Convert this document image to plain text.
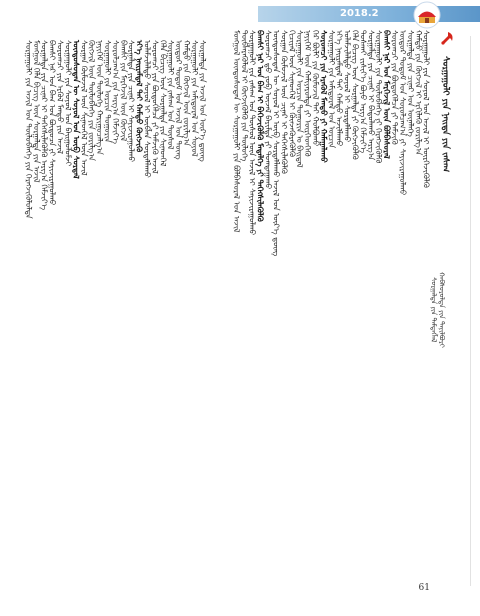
2018.2
ᠰᠤᠷᠭᠠᠭᠤᠯᠢ ᠶᠢᠨ ᠨᠡᠢᠲᠡ ᠶᠢᠨ ᠵᠠᠰᠠᠭ
ᠮᠣᠩᠭᠣᠯ ᠦᠨᠳᠦᠰᠦᠲᠡᠨ ᠦ ᠰᠤᠷᠭᠠᠭᠤᠯᠢ ᠶᠢᠨ ᠪᠣᠯᠪᠠᠰᠤᠷᠠᠯ ᠤᠨ ᠠᠵᠢᠯ
ᠲᠦᠪᠯᠡᠷᠡᠭᠦᠯᠦᠯ ᠢ ᠬᠥᠭᠵᠢᠭᠦᠯᠬᠦ ᠶᠢᠨ ᠲᠥᠯᠥᠭᠡ
ᠰᠤᠷᠭᠠᠭᠤᠯᠢ ᠶᠢᠨ ᠵᠠᠰᠠᠭ ᠤᠨ ᠲᠥᠰᠥᠯ ᠦᠨ ᠠᠵᠢᠯ ᠢ ᠰᠠᠶᠢᠵᠢᠷᠠᠭᠤᠯᠬᠤ
ᠪᠠᠭᠰᠢ ᠨᠠᠷ ᠤᠨ ᠪᠠᠭ ᠢ ᠪᠡᠬᠡᠵᠢᠭᠦᠯᠬᠦ ᠮᠡᠳᠡᠯᠭᠡ ᠶᠢ ᠳᠡᠭᠡᠭᠰᠢᠯᠡᠭᠦᠯᠬᠦ
ᠰᠤᠷᠤᠭᠴᠢ ᠳ᠋ᠤ ᠵᠣᠪ ᠦᠵᠡᠯ ᠪᠠᠷᠢᠮᠲᠠ ᠶᠢ ᠲᠣᠭᠲᠠᠭᠠᠬᠤ
ᠦᠨᠳᠦᠰᠦᠲᠡᠨ ᠦ ᠰᠣᠶᠣᠯ ᠢ ᠥᠪ ᠰᠤᠷᠲᠠᠯᠯᠠᠬᠤ ᠠᠵᠢᠯ ᠤᠨ ᠦᠷ᠎ᠡ ᠳ᠋ᠦᠩ
ᠰᠤᠷᠭᠠᠨ ᠬᠦᠮᠦᠵᠢᠯ ᠦᠨ ᠴᠢᠨᠠᠷ ᠢ ᠳᠡᠭᠡᠭᠰᠢᠯᠡᠭᠦᠯᠬᠦ
ᠬᠢᠴᠢᠶᠡᠯ ᠦᠨ ᠰᠢᠨᠡᠳᠬᠡᠯ ᠢ ᠭᠦᠨᠵᠡᠭᠦᠷᠡᠭᠦᠯᠬᠦ
ᠰᠤᠷᠭᠠᠭᠤᠯᠢ ᠶᠢᠨ ᠣᠷᠴᠢᠨ ᠲᠣᠭᠣᠷᠢᠨ ᠤ ᠪᠠᠢᠳᠠᠯ
ᠨᠡᠶᠢᠭᠡᠮ ᠦᠨ ᠬᠠᠮᠢᠶᠠᠷᠤᠯᠲᠠ ᠶᠢ ᠥᠷᠭᠡᠳᠬᠡᠬᠦ
ᠭᠡᠷ ᠪᠦᠯᠢ ᠶᠢᠨ ᠬᠦᠮᠦᠵᠢᠯ ᠲᠡᠢ ᠬᠣᠯᠪᠣᠬᠤ
ᠰᠤᠷᠤᠭᠴᠢ ᠶᠢᠨ ᠡᠷᠡᠭᠦᠯ ᠮᠡᠨᠳᠦ ᠶᠢ ᠬᠠᠮᠠᠭᠠᠯᠠᠬᠤ
ᠰᠤᠷᠭᠠᠭᠤᠯᠢ ᠶᠢᠨ ᠠᠮᠢᠳᠤᠷᠠᠯ ᠤᠨ ᠣᠷᠴᠢᠨ
ᠡᠶ᠎ᠡ ᠨᠠᠢᠷᠠᠮᠳᠠᠯ ᠲᠠᠢ ᠬᠠᠮᠲᠤ ᠠᠵᠢᠯᠯᠠᠬᠤ
ᠤᠯᠠᠮᠵᠢᠯᠠᠯᠲᠤ ᠰᠤᠶᠤᠯ ᠢ ᠰᠤᠷᠲᠠᠯᠯᠠᠬᠤ
ᠬᠡᠯᠡ ᠪᠢᠴᠢᠭ ᠦᠨ ᠰᠤᠷᠭᠠᠯᠲᠠ ᠶᠢ ᠬᠥᠭᠵᠢᠭᠦᠯᠬᠦ
ᠲᠤᠰᠬᠠᠢ ᠵᠢᠱᠢᠶ᠎ᠡ ᠪᠤᠶᠤ ᠠᠷᠭ᠎ᠠ ᠬᠡᠮᠵᠢᠶ᠎ᠡ
ᠰᠤᠷᠭᠠᠯᠲᠠ ᠶᠢᠨ ᠴᠢᠨᠠᠷ ᠢ ᠪᠠᠲᠤᠯᠠᠬᠤ ᠠᠷᠭ᠎ᠠ
ᠰᠤᠷᠭᠠᠭᠤᠯᠢ ᠶᠢᠨ ᠲᠥᠯᠥᠪᠯᠡᠭᠡ ᠶᠢ ᠬᠡᠷᠡᠭᠵᠢᠭᠦᠯᠬᠦ
ᠪᠠᠭᠰᠢ ᠨᠠᠷ ᠤᠨ ᠮᠡᠷᠭᠡᠵᠢᠯ ᠦᠨ ᠪᠣᠯᠪᠠᠰᠤᠷᠠᠯ
ᠰᠤᠷᠤᠭᠴᠢ ᠶᠢᠨ ᠪᠦᠲᠦᠭᠡᠯᠴᠡ ᠶᠢ ᠳᠡᠮᠵᠢᠬᠦ
ᠥᠳᠥᠷ ᠲᠤᠲᠤᠮ ᠤᠨ ᠰᠤᠷᠤᠯᠴᠠᠭ᠎ᠠ ᠶᠢ ᠰᠠᠶᠢᠵᠢᠷᠠᠭᠤᠯᠬᠤ
ᠰᠤᠷᠭᠠᠯᠲᠠ ᠶᠢᠨ ᠴᠢᠨᠠᠷ ᠤᠨ ᠦᠨᠡᠯᠡᠭᠡ
ᠬᠠᠮᠲᠤ ᠶᠢᠨ ᠬᠥᠭᠵᠢᠯ ᠢ ᠡᠷᠬᠢᠯᠡᠬᠦ ᠵᠣᠷᠢᠯᠭ᠎ᠠ
ᠰᠤᠷᠭᠠᠭᠤᠯᠢ ᠶᠢᠨ ᠰᠣᠶᠣᠯ ᠤᠨ ᠠᠵᠢᠯ ᠢ ᠥᠷᠭᠡᠵᠢᠭᠦᠯᠬᠦ
ᠰᠤᠷᠭᠠᠯᠲᠠ ᠶᠢᠨ ᠲᠡᠮᠳᠡᠭᠯᠡᠯ
ᠬᠠᠪᠰᠤᠷᠤᠯᠲᠠ ᠶᠢᠨ ᠲᠠᠶᠢᠯᠪᠤᠷᠢ
ᠰᠤᠷᠭᠠᠭᠤᠯᠢ ᠶᠢᠨ ᠠᠵᠢᠯ ᠤᠨ ᠲᠥᠯᠥᠪᠯᠡᠭᠡ ᠶᠢᠨ ᠬᠡᠷᠡᠭᠵᠢᠭᠦᠯᠦᠯᠲᠡ
ᠮᠣᠩᠭᠣᠯ ᠬᠡᠯᠡ ᠪᠢᠴᠢᠭ ᠦᠨ ᠰᠤᠷᠭᠠᠯᠲᠠ ᠶᠢᠨ ᠠᠵᠢᠯ
ᠰᠤᠷᠭᠠᠯᠲᠠ ᠶᠢᠨ ᠴᠢᠨᠠᠷ ᠢ ᠳᠡᠭᠡᠭᠰᠢᠯᠡᠭᠦᠯᠬᠦ ᠠᠷᠭ᠎ᠠ ᠬᠡᠮᠵᠢᠶ᠎ᠡ
ᠪᠠᠭᠰᠢ ᠨᠠᠷ ᠤᠨ ᠪᠠᠭ ᠤᠨ ᠪᠦᠲᠦᠴᠡ ᠶᠢ ᠰᠠᠶᠢᠵᠢᠷᠠᠭᠤᠯᠬᠤ
ᠰᠤᠷᠤᠭᠴᠢ ᠶᠢᠨ ᠡᠷᠭᠦᠯ ᠮᠡᠨᠳᠦ ᠶᠢᠨ ᠠᠵᠢᠯ
ᠰᠤᠷᠭᠠᠭᠤᠯᠢ ᠶᠢᠨ ᠰᠣᠶᠣᠯ ᠤᠨ ᠪᠠᠢᠭᠤᠯᠤᠮᠵᠢ
ᠦᠨᠳᠦᠰᠦᠲᠡᠨ ᠦ ᠰᠣᠶᠣᠯ ᠤᠨ ᠥᠪ ᠰᠤᠷᠲᠠᠯ
ᠰᠤᠷᠭᠠᠨ ᠬᠦᠮᠦᠵᠢᠯ ᠦᠨ ᠰᠢᠨᠡᠳᠬᠡᠯ ᠦᠨ ᠠᠵᠢᠯ
ᠬᠥᠭᠵᠢᠯ ᠦᠨ ᠲᠥᠯᠥᠪᠯᠡᠭᠡ ᠶᠢᠨ ᠵᠣᠷᠢᠯᠭ᠎ᠠ
ᠨᠡᠶᠢᠭᠡᠮ ᠦᠨ ᠲᠥᠯᠦᠭᠡ ᠬᠠᠷᠢᠭᠤᠴᠠᠯᠭ᠎ᠠ
ᠰᠤᠷᠭᠠᠭᠤᠯᠢ ᠶᠢᠨ ᠣᠷᠴᠢᠨ ᠲᠣᠭᠣᠷᠢᠨ
ᠰᠤᠷᠤᠯᠴᠠᠭ᠎ᠠ ᠶᠢᠨ ᠠᠷᠭ᠎ᠠ ᠬᠡᠮᠵᠢᠶ᠎ᠡ
ᠪᠠᠭᠰᠢ ᠶᠢᠨ ᠮᠡᠷᠭᠡᠵᠢᠯ ᠦᠨ ᠬᠥᠭᠵᠢᠯ
ᠰᠤᠷᠭᠠᠯᠲᠠ ᠶᠢᠨ ᠴᠢᠨᠠᠷ ᠢ ᠰᠠᠶᠢᠵᠢᠷᠠᠭᠤᠯᠬᠤ
ᠡᠶ᠎ᠡ ᠨᠠᠢᠷᠠᠮᠳᠠᠯ ᠲᠠᠢ ᠬᠠᠮᠲᠤ ᠬᠥᠭᠵᠢᠬᠦ
ᠤᠯᠠᠮᠵᠢᠯᠠᠯᠲᠤ ᠰᠤᠶᠤᠯ ᠢ ᠥᠪᠯᠡᠨ ᠰᠤᠷᠲᠠᠯᠯᠠᠬᠤ
ᠰᠤᠷᠤᠭᠴᠢ ᠶᠢᠨ ᠪᠦᠲᠦᠭᠡᠯᠴᠡ ᠶᠢ ᠳᠡᠮᠵᠢᠬᠦ ᠠᠵᠢᠯ
ᠬᠡᠯᠡ ᠪᠢᠴᠢᠭ ᠦᠨ ᠰᠤᠷᠭᠠᠯᠲᠠ ᠶᠢᠨ ᠰᠢᠨᠡᠳᠬᠡᠯ
ᠰᠤᠷᠭᠠᠭᠤᠯᠢ ᠶᠢᠨ ᠵᠠᠰᠠᠭ ᠤᠨ ᠲᠥᠰᠥᠯ
ᠥᠳᠥᠷ ᠲᠤᠲᠤᠮ ᠤᠨ ᠠᠵᠢᠯ ᠤᠨ ᠳᠦᠩ
ᠬᠠᠮᠲᠤ ᠶᠢᠨ ᠬᠥᠭᠵᠢᠯ ᠦᠨ ᠵᠣᠷᠢᠯᠭ᠎ᠠ
ᠰᠤᠷᠭᠠᠭᠤᠯᠢ ᠶᠢᠨ ᠠᠮᠢᠳᠤᠷᠠᠯ ᠤᠨ ᠰᠣᠶᠣᠯ
ᠰᠤᠷᠭᠠᠯᠲᠠ ᠶᠢᠨ ᠠᠵᠢᠯ ᠤᠨ ᠦᠷ᠎ᠡ ᠳ᠋ᠦᠩ
61
